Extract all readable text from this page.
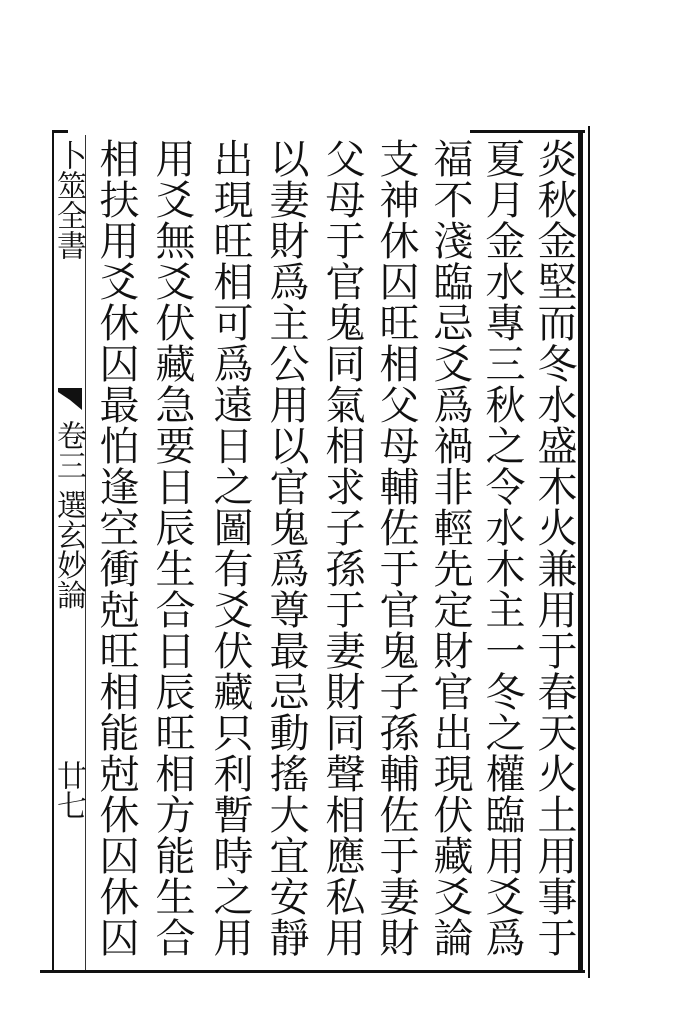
炎秋金堅而冬水盛木火兼用于春天火土用事于
夏月金水專三秋之令水木主一冬之權臨用爻爲
福不淺臨忌爻爲禍非輕先定財官出現伏藏爻論
支神休囚旺相父母輔佐于官鬼子孫輔佐于妻財
父母于官鬼同氣相求子孫于妻財同聲相應私用
以妻財爲主公用以官鬼爲尊最忌動搖大宜安靜
出現旺相可爲遠日之圖有爻伏藏只利暫時之用
用爻無爻伏藏急要日辰生合日辰旺相方能生合
相扶用爻休囚最怕逢空衝尅旺相能尅休囚休囚
卜筮全書
卷三 選玄妙論
廿七
